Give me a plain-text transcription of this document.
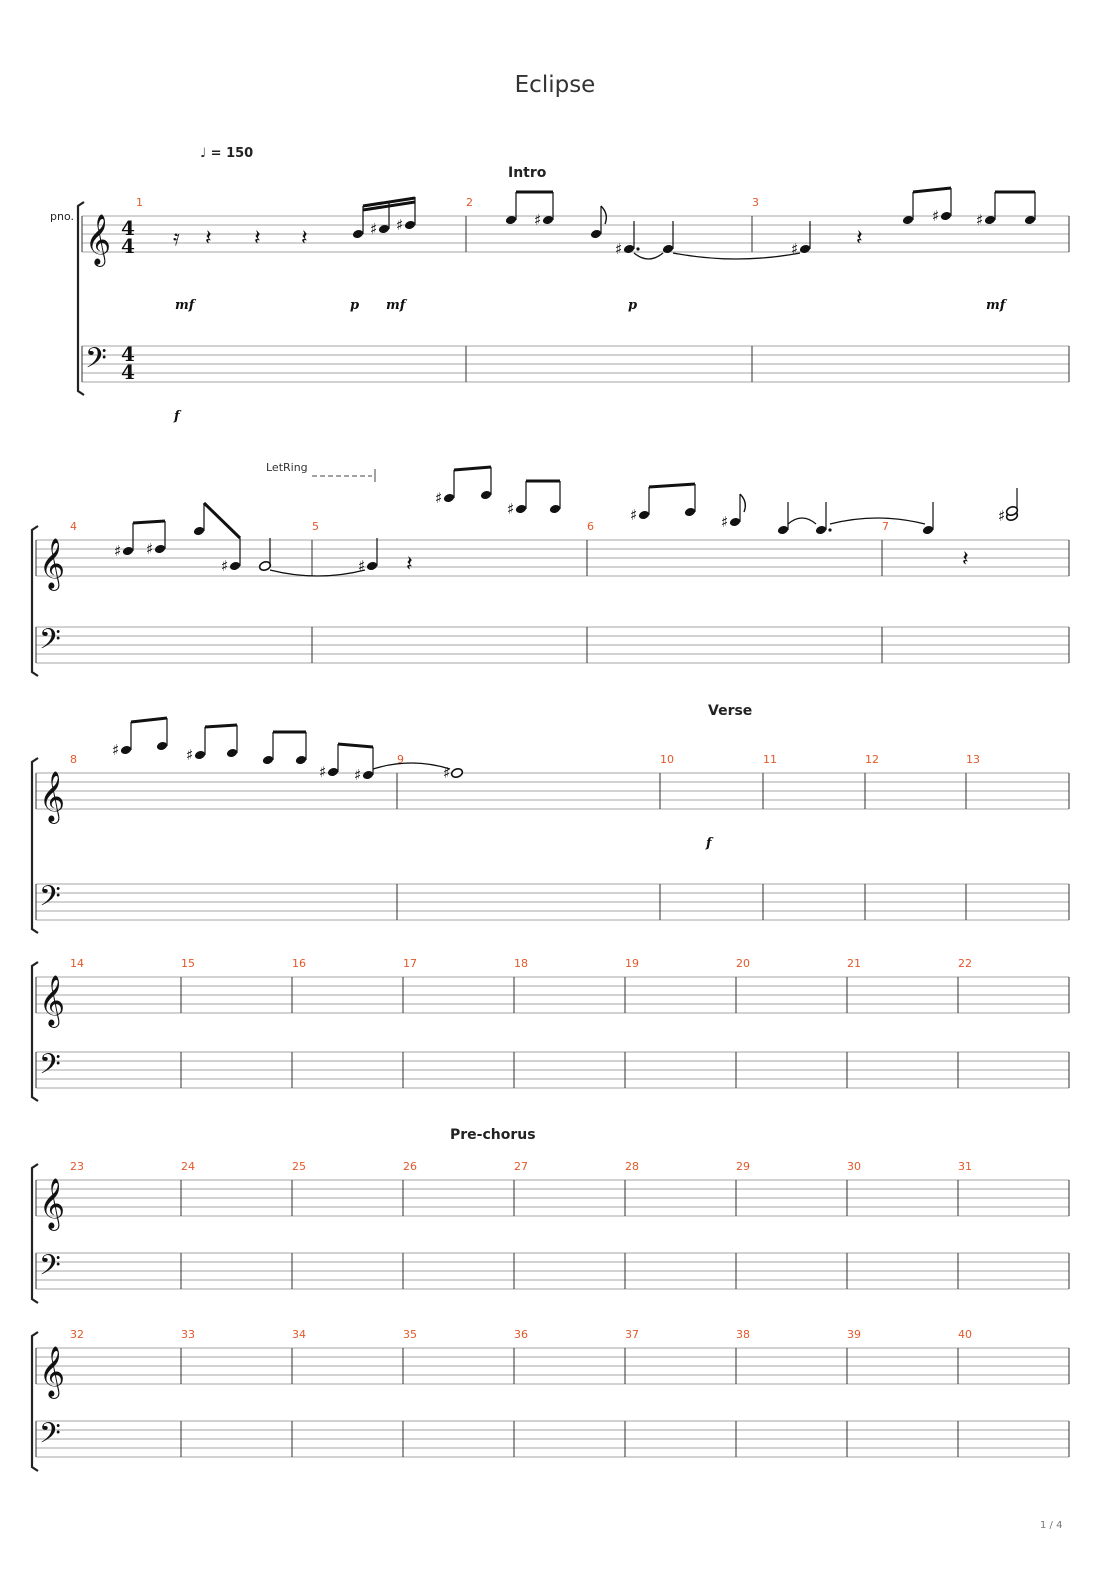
Eclipse
♩ = 150
𝄞
𝄢
𝄞
𝄢
𝄞
𝄢
𝄞
𝄢
𝄞
𝄢
𝄞
𝄢
𝄿 𝄽 𝄽 𝄽	♯ ♯	♯
♯	♯	𝄽
♯ ♯
♯ ♯
♯	♯ 𝄽
♯
♯	♯	♯
𝄽
♯
♯	♯
♯ ♯	♯
pno.
Intro
Verse
Pre-chorus
LetRing
4
4
4
4
mf	p mf	p	mf
f
f
1	2	3
4	5	6	7
8	9	10	11	12	13
14	15	16	17	18	19	20	21	22
23	24	25	26	27	28	29	30	31
32	33	34	35	36	37	38	39	40
1 / 4
